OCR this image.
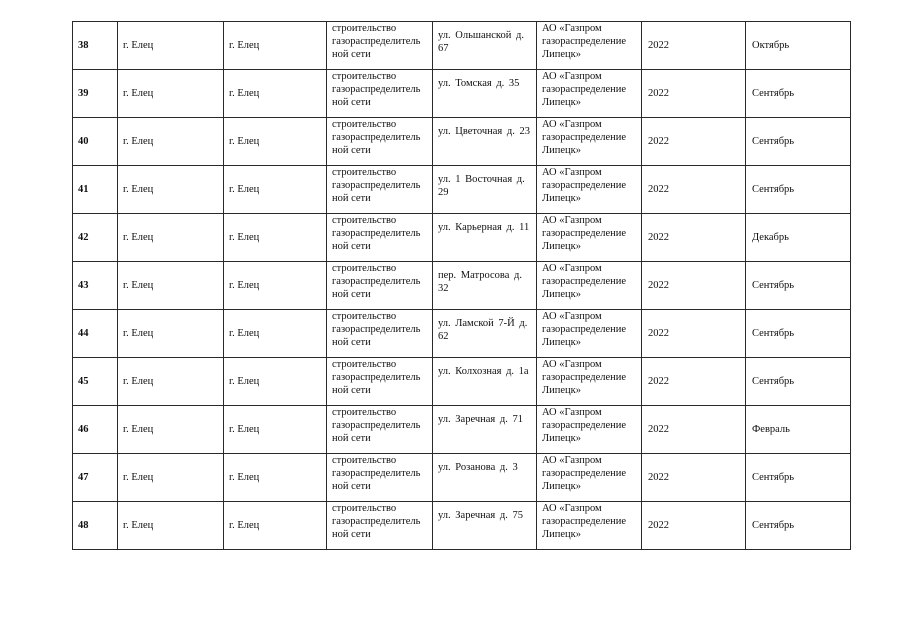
38	г. Елец	г. Елец	строительство газораспределитель ной сети	ул. Ольшанской д. 67	АО «Газпром газораспределение Липецк»	2022	Октябрь
39	г. Елец	г. Елец	строительство газораспределитель ной сети	ул. Томская д. 35	АО «Газпром газораспределение Липецк»	2022	Сентябрь
40	г. Елец	г. Елец	строительство газораспределитель ной сети	ул. Цветочная д. 23	АО «Газпром газораспределение Липецк»	2022	Сентябрь
41	г. Елец	г. Елец	строительство газораспределитель ной сети	ул. 1 Восточная д. 29	АО «Газпром газораспределение Липецк»	2022	Сентябрь
42	г. Елец	г. Елец	строительство газораспределитель ной сети	ул. Карьерная д. 11	АО «Газпром газораспределение Липецк»	2022	Декабрь
43	г. Елец	г. Елец	строительство газораспределитель ной сети	пер. Матросова д. 32	АО «Газпром газораспределение Липецк»	2022	Сентябрь
44	г. Елец	г. Елец	строительство газораспределитель ной сети	ул. Ламской 7-Й д. 62	АО «Газпром газораспределение Липецк»	2022	Сентябрь
45	г. Елец	г. Елец	строительство газораспределитель ной сети	ул. Колхозная д. 1а	АО «Газпром газораспределение Липецк»	2022	Сентябрь
46	г. Елец	г. Елец	строительство газораспределитель ной сети	ул. Заречная д. 71	АО «Газпром газораспределение Липецк»	2022	Февраль
47	г. Елец	г. Елец	строительство газораспределитель ной сети	ул. Розанова д. 3	АО «Газпром газораспределение Липецк»	2022	Сентябрь
48	г. Елец	г. Елец	строительство газораспределитель ной сети	ул. Заречная д. 75	АО «Газпром газораспределение Липецк»	2022	Сентябрь
